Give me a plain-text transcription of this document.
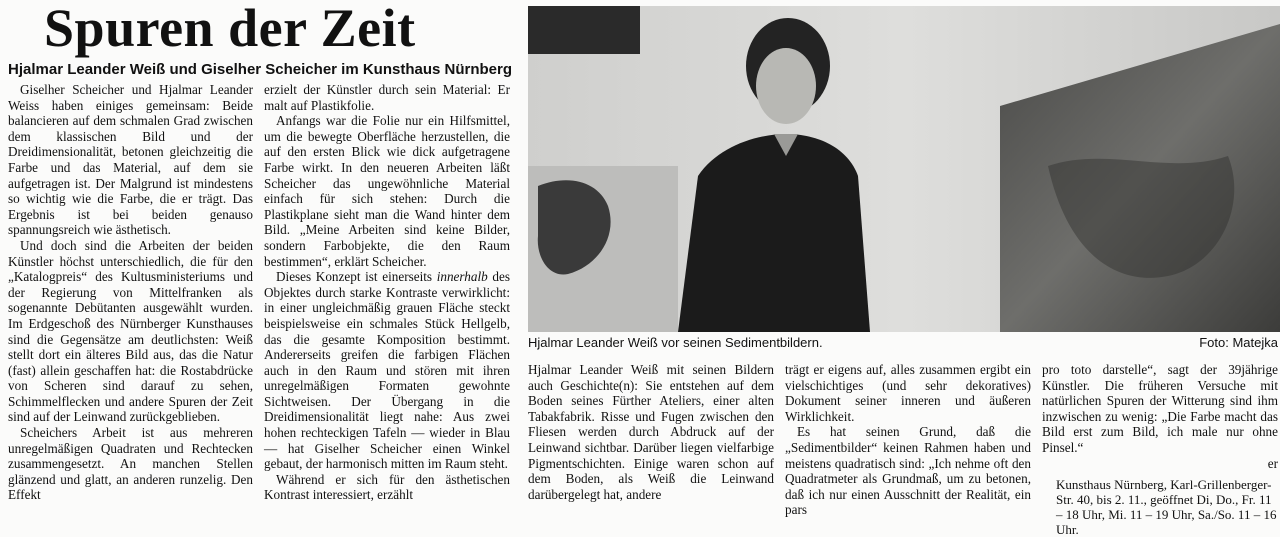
Spuren der Zeit
Hjalmar Leander Weiß und Giselher Scheicher im Kunsthaus Nürnberg

Giselher Scheicher und Hjalmar Leander Weiss haben einiges gemeinsam: Beide balancieren auf dem schmalen Grad zwischen dem klassischen Bild und der Dreidimensionalität, betonen gleichzeitig die Farbe und das Material, auf dem sie aufgetragen ist. Der Malgrund ist mindestens so wichtig wie die Farbe, die er trägt. Das Ergebnis ist bei beiden genauso spannungsreich wie ästhetisch.

Und doch sind die Arbeiten der beiden Künstler höchst unterschiedlich, die für den „Katalogpreis“ des Kultusministeriums und der Regierung von Mittelfranken als sogenannte Debütanten ausgewählt wurden. Im Erdgeschoß des Nürnberger Kunsthauses sind die Gegensätze am deutlichsten: Weiß stellt dort ein älteres Bild aus, das die Natur (fast) allein geschaffen hat: die Rostabdrücke von Scheren sind darauf zu sehen, Schimmelflecken und andere Spuren der Zeit sind auf der Leinwand zurückgeblieben.

Scheichers Arbeit ist aus mehreren unregelmäßigen Quadraten und Rechtecken zusammengesetzt. An manchen Stellen glänzend und glatt, an anderen runzelig. Den Effekt

erzielt der Künstler durch sein Material: Er malt auf Plastikfolie.

Anfangs war die Folie nur ein Hilfsmittel, um die bewegte Oberfläche herzustellen, die auf den ersten Blick wie dick aufgetragene Farbe wirkt. In den neueren Arbeiten läßt Scheicher das ungewöhnliche Material einfach für sich stehen: Durch die Plastikplane sieht man die Wand hinter dem Bild. „Meine Arbeiten sind keine Bilder, sondern Farbobjekte, die den Raum bestimmen“, erklärt Scheicher.

Dieses Konzept ist einerseits innerhalb des Objektes durch starke Kontraste verwirklicht: in einer ungleichmäßig grauen Fläche steckt beispielsweise ein schmales Stück Hellgelb, das die gesamte Komposition bestimmt. Andererseits greifen die farbigen Flächen auch in den Raum und stören mit ihren unregelmäßigen Formaten gewohnte Sichtweisen. Der Übergang in die Dreidimensionalität liegt nahe: Aus zwei hohen rechteckigen Tafeln — wieder in Blau — hat Giselher Scheicher einen Winkel gebaut, der harmonisch mitten im Raum steht.

Während er sich für den ästhetischen Kontrast interessiert, erzählt

Hjalmar Leander Weiß vor seinen Sedimentbildern.	Foto: Matejka

Hjalmar Leander Weiß mit seinen Bildern auch Geschichte(n): Sie entstehen auf dem Boden seines Fürther Ateliers, einer alten Tabakfabrik. Risse und Fugen zwischen den Fliesen werden durch Abdruck auf der Leinwand sichtbar. Darüber liegen vielfarbige Pigmentschichten. Einige waren schon auf dem Boden, als Weiß die Leinwand darübergelegt hat, andere

trägt er eigens auf, alles zusammen ergibt ein vielschichtiges (und sehr dekoratives) Dokument seiner inneren und äußeren Wirklichkeit.

Es hat seinen Grund, daß die „Sedimentbilder“ keinen Rahmen haben und meistens quadratisch sind: „Ich nehme oft den Quadratmeter als Grundmaß, um zu betonen, daß ich nur einen Ausschnitt der Realität, ein pars

pro toto darstelle“, sagt der 39jährige Künstler. Die früheren Versuche mit natürlichen Spuren der Witterung sind ihm inzwischen zu wenig: „Die Farbe macht das Bild erst zum Bild, ich male nur ohne Pinsel.“

er

Kunsthaus Nürnberg, Karl-Grillenberger-Str. 40, bis 2. 11., geöffnet Di, Do., Fr. 11 – 18 Uhr, Mi. 11 – 19 Uhr, Sa./So. 11 – 16 Uhr.
